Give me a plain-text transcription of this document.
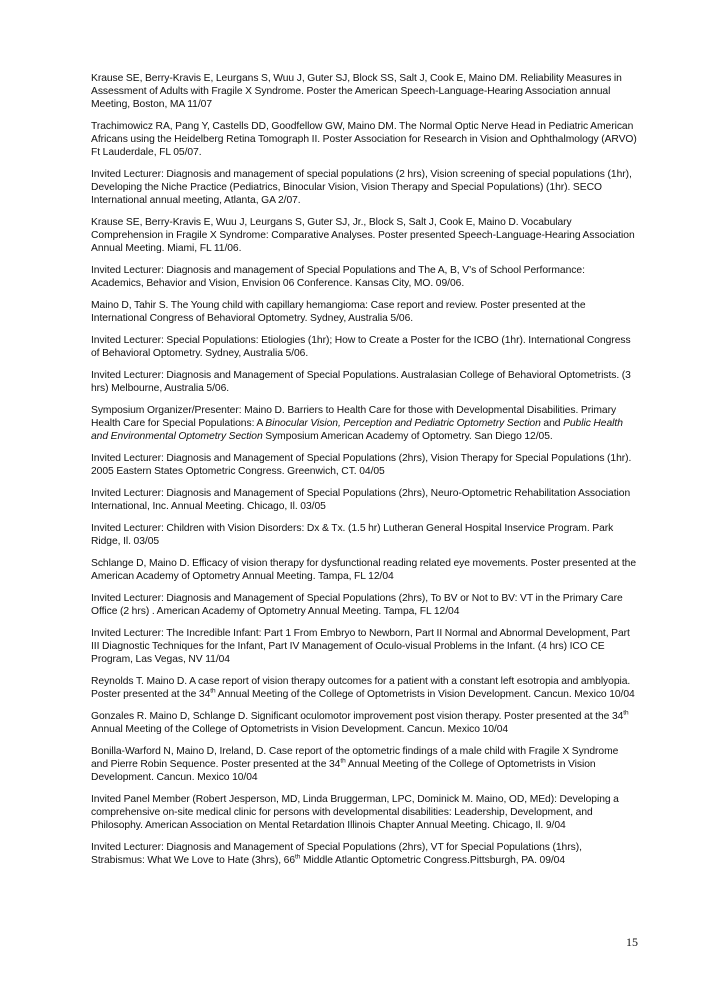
Krause SE, Berry-Kravis E, Leurgans S, Wuu J, Guter SJ, Block SS, Salt J, Cook E, Maino DM. Reliability Measures in Assessment of Adults with Fragile X Syndrome. Poster the American Speech-Language-Hearing Association annual Meeting, Boston, MA 11/07

Trachimowicz RA, Pang Y, Castells DD, Goodfellow GW, Maino DM. The Normal Optic Nerve Head in Pediatric American Africans using the Heidelberg Retina Tomograph II. Poster Association for Research in Vision and Ophthalmology (ARVO) Ft Lauderdale, FL 05/07.

Invited Lecturer: Diagnosis and management of special populations (2 hrs), Vision screening of special populations (1hr), Developing the Niche Practice (Pediatrics, Binocular Vision, Vision Therapy and Special Populations) (1hr). SECO International annual meeting, Atlanta, GA 2/07.

Krause SE, Berry-Kravis E, Wuu J, Leurgans S, Guter SJ, Jr., Block S, Salt J, Cook E, Maino D. Vocabulary Comprehension in Fragile X Syndrome: Comparative Analyses. Poster presented Speech-Language-Hearing Association Annual Meeting. Miami, FL 11/06.

Invited Lecturer: Diagnosis and management of Special Populations and The A, B, V’s of School Performance: Academics, Behavior and Vision, Envision 06 Conference. Kansas City, MO. 09/06.

Maino D, Tahir S. The Young child with capillary hemangioma: Case report and review. Poster presented at the International Congress of Behavioral Optometry. Sydney, Australia 5/06.

Invited Lecturer: Special Populations: Etiologies (1hr); How to Create a Poster for the ICBO (1hr). International Congress of Behavioral Optometry. Sydney, Australia 5/06.

Invited Lecturer: Diagnosis and Management of Special Populations. Australasian College of Behavioral Optometrists. (3 hrs) Melbourne, Australia 5/06.

Symposium Organizer/Presenter: Maino D. Barriers to Health Care for those with Developmental Disabilities. Primary Health Care for Special Populations: A Binocular Vision, Perception and Pediatric Optometry Section and Public Health and Environmental Optometry Section Symposium American Academy of Optometry. San Diego 12/05.

Invited Lecturer: Diagnosis and Management of Special Populations (2hrs), Vision Therapy for Special Populations (1hr). 2005 Eastern States Optometric Congress. Greenwich, CT. 04/05

Invited Lecturer: Diagnosis and Management of Special Populations (2hrs), Neuro-Optometric Rehabilitation Association International, Inc. Annual Meeting. Chicago, Il. 03/05

Invited Lecturer: Children with Vision Disorders: Dx & Tx. (1.5 hr) Lutheran General Hospital Inservice Program. Park Ridge, Il. 03/05

Schlange D, Maino D. Efficacy of vision therapy for dysfunctional reading related eye movements. Poster presented at the American Academy of Optometry Annual Meeting. Tampa, FL 12/04

Invited Lecturer: Diagnosis and Management of Special Populations (2hrs), To BV or Not to BV: VT in the Primary Care Office (2 hrs) . American Academy of Optometry Annual Meeting. Tampa, FL 12/04

Invited Lecturer: The Incredible Infant: Part 1 From Embryo to Newborn, Part II Normal and Abnormal Development, Part III Diagnostic Techniques for the Infant, Part IV Management of Oculo-visual Problems in the Infant. (4 hrs) ICO CE Program, Las Vegas, NV 11/04

Reynolds T. Maino D. A case report of vision therapy outcomes for a patient with a constant left esotropia and amblyopia. Poster presented at the 34th Annual Meeting of the College of Optometrists in Vision Development. Cancun. Mexico 10/04

Gonzales R. Maino D, Schlange D. Significant oculomotor improvement post vision therapy. Poster presented at the 34th Annual Meeting of the College of Optometrists in Vision Development. Cancun. Mexico 10/04

Bonilla-Warford N, Maino D, Ireland, D. Case report of the optometric findings of a male child with Fragile X Syndrome and Pierre Robin Sequence. Poster presented at the 34th Annual Meeting of the College of Optometrists in Vision Development. Cancun. Mexico 10/04

Invited Panel Member (Robert Jesperson, MD, Linda Bruggerman, LPC, Dominick M. Maino, OD, MEd): Developing a comprehensive on-site medical clinic for persons with developmental disabilities: Leadership, Development, and Philosophy. American Association on Mental Retardation Illinois Chapter Annual Meeting. Chicago, Il. 9/04

Invited Lecturer: Diagnosis and Management of Special Populations (2hrs), VT for Special Populations (1hrs), Strabismus: What We Love to Hate (3hrs), 66th Middle Atlantic Optometric Congress.Pittsburgh, PA. 09/04

15
